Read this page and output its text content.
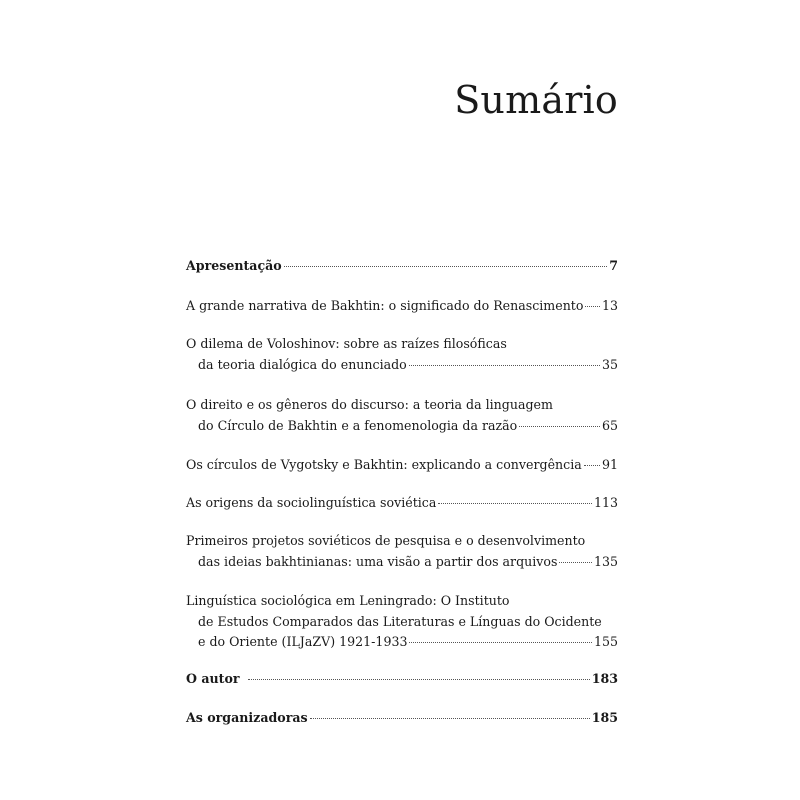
Sumário
Apresentação	7
A grande narrativa de Bakhtin: o significado do Renascimento 13
O dilema de Voloshinov: sobre as raízes filosóficas
da teoria dialógica do enunciado	35
O direito e os gêneros do discurso: a teoria da linguagem
do Círculo de Bakhtin e a fenomenologia da razão	65
Os círculos de Vygotsky e Bakhtin: explicando a convergência 91
As origens da sociolinguística soviética	113
Primeiros projetos soviéticos de pesquisa e o desenvolvimento
das ideias bakhtinianas: uma visão a partir dos arquivos	135
Linguística sociológica em Leningrado: O Instituto
de Estudos Comparados das Literaturas e Línguas do Ocidente
e do Oriente (ILJaZV) 1921-1933	155
O autor	183
As organizadoras	185
